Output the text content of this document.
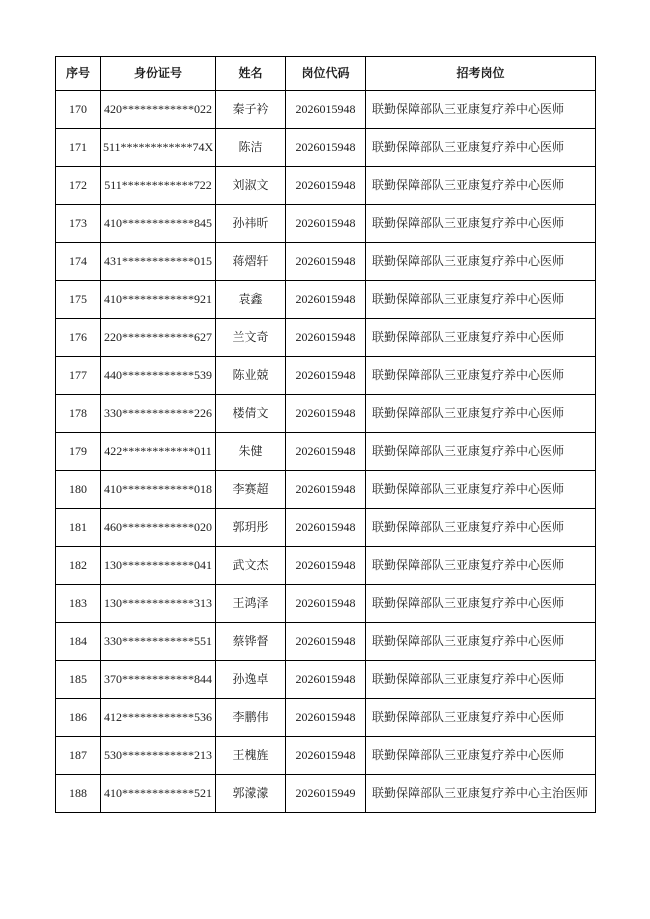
序号	身份证号	姓名	岗位代码	招考岗位
170	420************022	秦子衿	2026015948	联勤保障部队三亚康复疗养中心医师
171	511************74X	陈洁	2026015948	联勤保障部队三亚康复疗养中心医师
172	511************722	刘淑文	2026015948	联勤保障部队三亚康复疗养中心医师
173	410************845	孙祎昕	2026015948	联勤保障部队三亚康复疗养中心医师
174	431************015	蒋熠轩	2026015948	联勤保障部队三亚康复疗养中心医师
175	410************921	袁鑫	2026015948	联勤保障部队三亚康复疗养中心医师
176	220************627	兰文奇	2026015948	联勤保障部队三亚康复疗养中心医师
177	440************539	陈业兢	2026015948	联勤保障部队三亚康复疗养中心医师
178	330************226	楼倩文	2026015948	联勤保障部队三亚康复疗养中心医师
179	422************011	朱健	2026015948	联勤保障部队三亚康复疗养中心医师
180	410************018	李赛超	2026015948	联勤保障部队三亚康复疗养中心医师
181	460************020	郭玥彤	2026015948	联勤保障部队三亚康复疗养中心医师
182	130************041	武文杰	2026015948	联勤保障部队三亚康复疗养中心医师
183	130************313	王鸿泽	2026015948	联勤保障部队三亚康复疗养中心医师
184	330************551	蔡铧督	2026015948	联勤保障部队三亚康复疗养中心医师
185	370************844	孙逸卓	2026015948	联勤保障部队三亚康复疗养中心医师
186	412************536	李鹏伟	2026015948	联勤保障部队三亚康复疗养中心医师
187	530************213	王槐旌	2026015948	联勤保障部队三亚康复疗养中心医师
188	410************521	郭濛濛	2026015949	联勤保障部队三亚康复疗养中心主治医师
